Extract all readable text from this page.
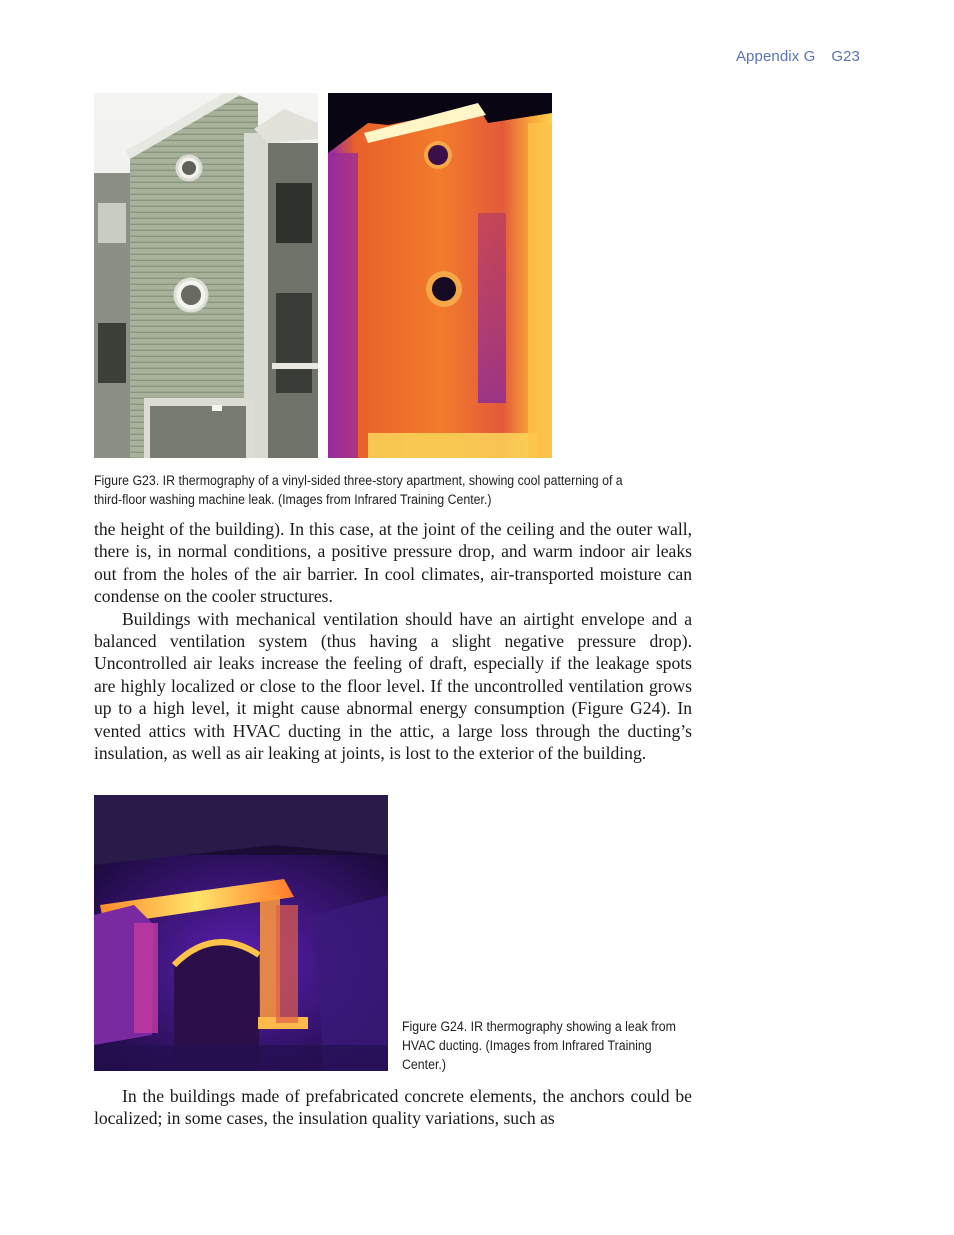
Appendix G G23
Figure G23. IR thermography of a vinyl-sided three-story apartment, showing cool patterning of a third-floor washing machine leak. (Images from Infrared Training Center.)

the height of the building). In this case, at the joint of the ceiling and the outer wall, there is, in normal conditions, a positive pressure drop, and warm indoor air leaks out from the holes of the air barrier. In cool climates, air-transported moisture can condense on the cooler structures.

Buildings with mechanical ventilation should have an airtight envelope and a balanced ventilation system (thus having a slight negative pressure drop). Uncontrolled air leaks increase the feeling of draft, especially if the leakage spots are highly localized or close to the floor level. If the uncontrolled ventilation grows up to a high level, it might cause abnormal energy consumption (Figure G24). In vented attics with HVAC ducting in the attic, a large loss through the ducting’s insulation, as well as air leaking at joints, is lost to the exterior of the building.

Figure G24. IR thermography showing a leak from HVAC ducting. (Images from Infrared Training Center.)

In the buildings made of prefabricated concrete elements, the anchors could be localized; in some cases, the insulation quality variations, such as
